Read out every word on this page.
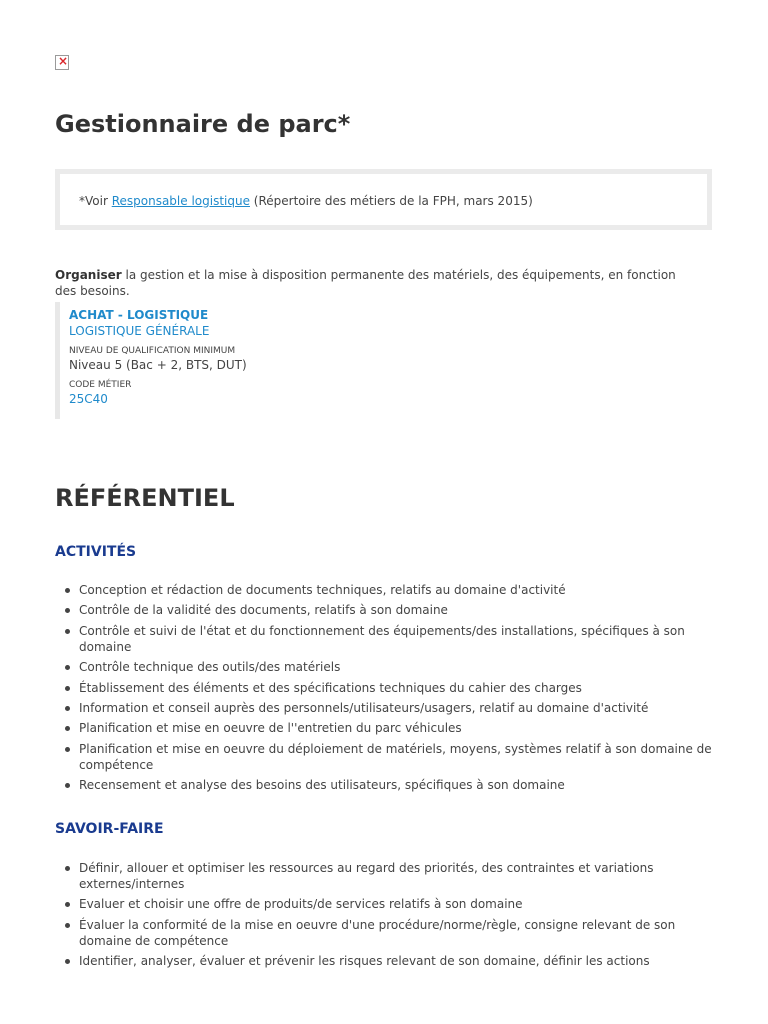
×
Gestionnaire de parc*
*Voir Responsable logistique (Répertoire des métiers de la FPH, mars 2015)

Organiser la gestion et la mise à disposition permanente des matériels, des équipements, en fonction des besoins.

ACHAT - LOGISTIQUE
LOGISTIQUE GÉNÉRALE
NIVEAU DE QUALIFICATION MINIMUM
Niveau 5 (Bac + 2, BTS, DUT)
CODE MÉTIER
25C40
RÉFÉRENTIEL
ACTIVITÉS
Conception et rédaction de documents techniques, relatifs au domaine d'activité
Contrôle de la validité des documents, relatifs à son domaine
Contrôle et suivi de l'état et du fonctionnement des équipements/des installations, spécifiques à son domaine
Contrôle technique des outils/des matériels
Établissement des éléments et des spécifications techniques du cahier des charges
Information et conseil auprès des personnels/utilisateurs/usagers, relatif au domaine d'activité
Planification et mise en oeuvre de l''entretien du parc véhicules
Planification et mise en oeuvre du déploiement de matériels, moyens, systèmes relatif à son domaine de compétence
Recensement et analyse des besoins des utilisateurs, spécifiques à son domaine
SAVOIR-FAIRE
Définir, allouer et optimiser les ressources au regard des priorités, des contraintes et variations externes/internes
Evaluer et choisir une offre de produits/de services relatifs à son domaine
Évaluer la conformité de la mise en oeuvre d'une procédure/norme/règle, consigne relevant de son domaine de compétence
Identifier, analyser, évaluer et prévenir les risques relevant de son domaine, définir les actions
